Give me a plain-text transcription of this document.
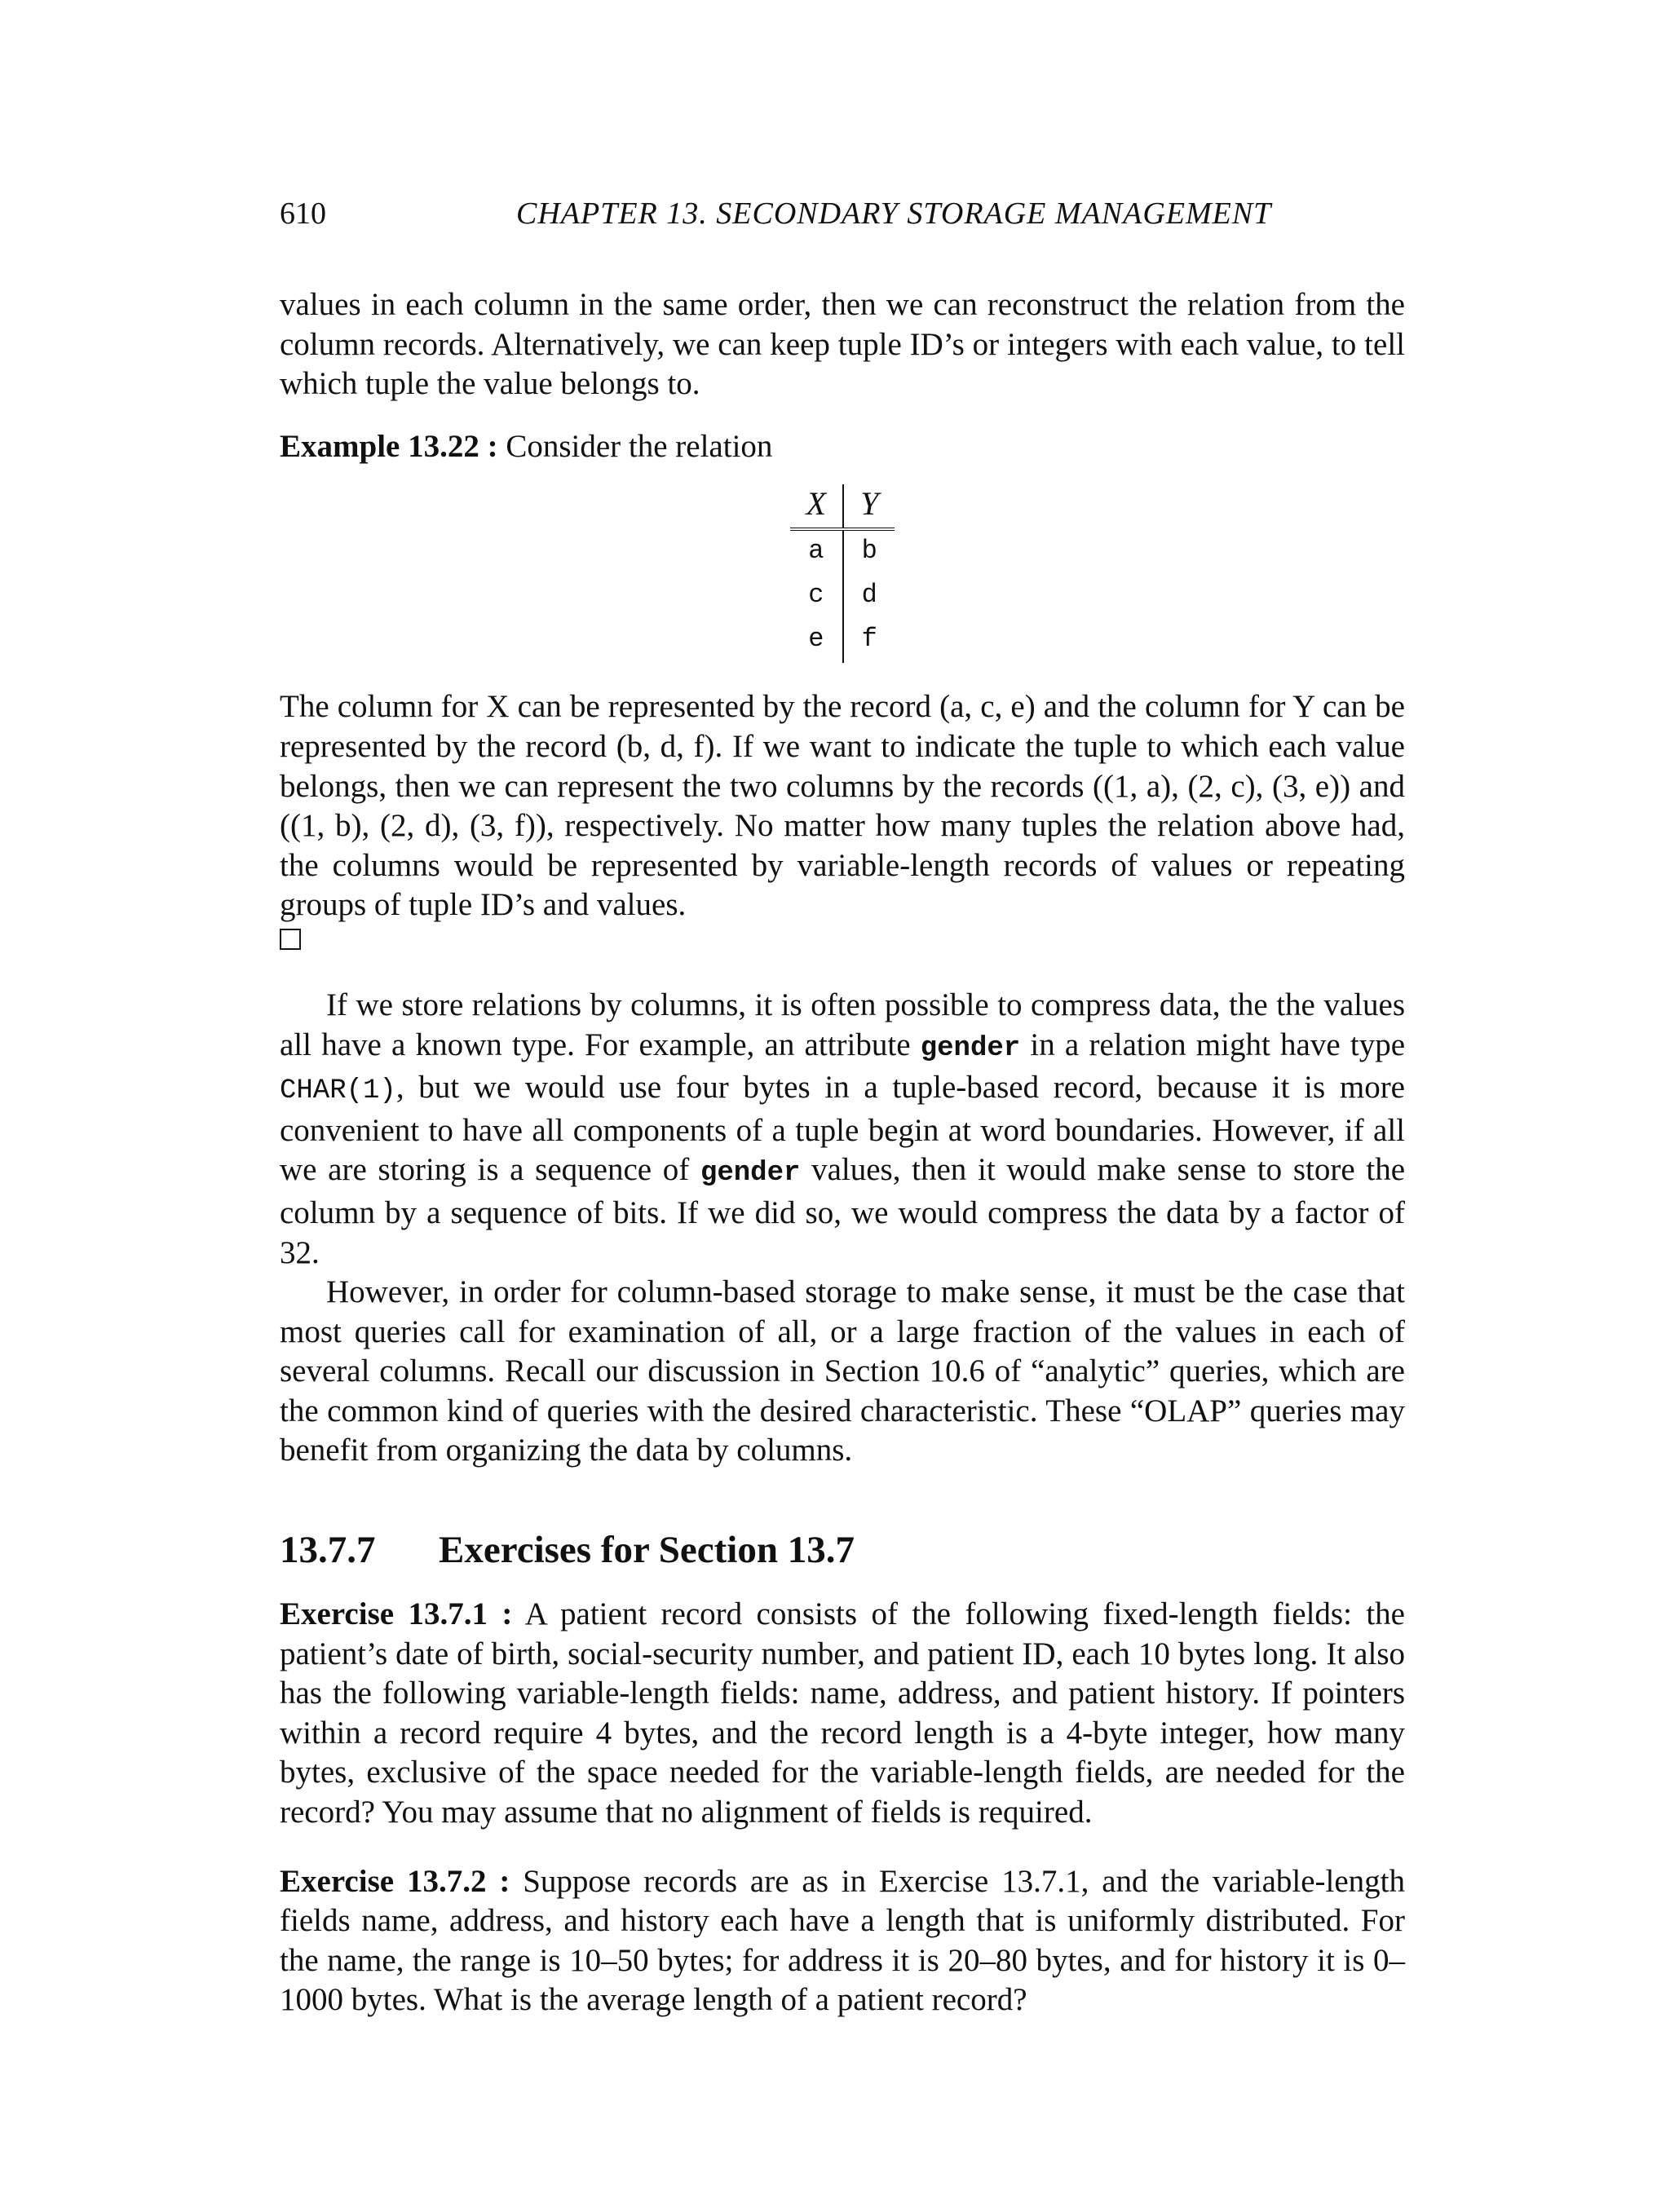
610	CHAPTER 13. SECONDARY STORAGE MANAGEMENT

values in each column in the same order, then we can reconstruct the relation from the column records. Alternatively, we can keep tuple ID’s or integers with each value, to tell which tuple the value belongs to.

Example 13.22 : Consider the relation

X	Y
a	b
c	d
e	f

The column for X can be represented by the record (a, c, e) and the column for Y can be represented by the record (b, d, f). If we want to indicate the tuple to which each value belongs, then we can represent the two columns by the records ((1, a), (2, c), (3, e)) and ((1, b), (2, d), (3, f)), respectively. No matter how many tuples the relation above had, the columns would be represented by variable-length records of values or repeating groups of tuple ID’s and values.

If we store relations by columns, it is often possible to compress data, the the values all have a known type. For example, an attribute gender in a relation might have type CHAR(1), but we would use four bytes in a tuple-based record, because it is more convenient to have all components of a tuple begin at word boundaries. However, if all we are storing is a sequence of gender values, then it would make sense to store the column by a sequence of bits. If we did so, we would compress the data by a factor of 32.

However, in order for column-based storage to make sense, it must be the case that most queries call for examination of all, or a large fraction of the values in each of several columns. Recall our discussion in Section 10.6 of “analytic” queries, which are the common kind of queries with the desired characteristic. These “OLAP” queries may benefit from organizing the data by columns.

13.7.7	Exercises for Section 13.7

Exercise 13.7.1 : A patient record consists of the following fixed-length fields: the patient’s date of birth, social-security number, and patient ID, each 10 bytes long. It also has the following variable-length fields: name, address, and patient history. If pointers within a record require 4 bytes, and the record length is a 4-byte integer, how many bytes, exclusive of the space needed for the variable-length fields, are needed for the record? You may assume that no alignment of fields is required.

Exercise 13.7.2 : Suppose records are as in Exercise 13.7.1, and the variable-length fields name, address, and history each have a length that is uniformly distributed. For the name, the range is 10–50 bytes; for address it is 20–80 bytes, and for history it is 0–1000 bytes. What is the average length of a patient record?
